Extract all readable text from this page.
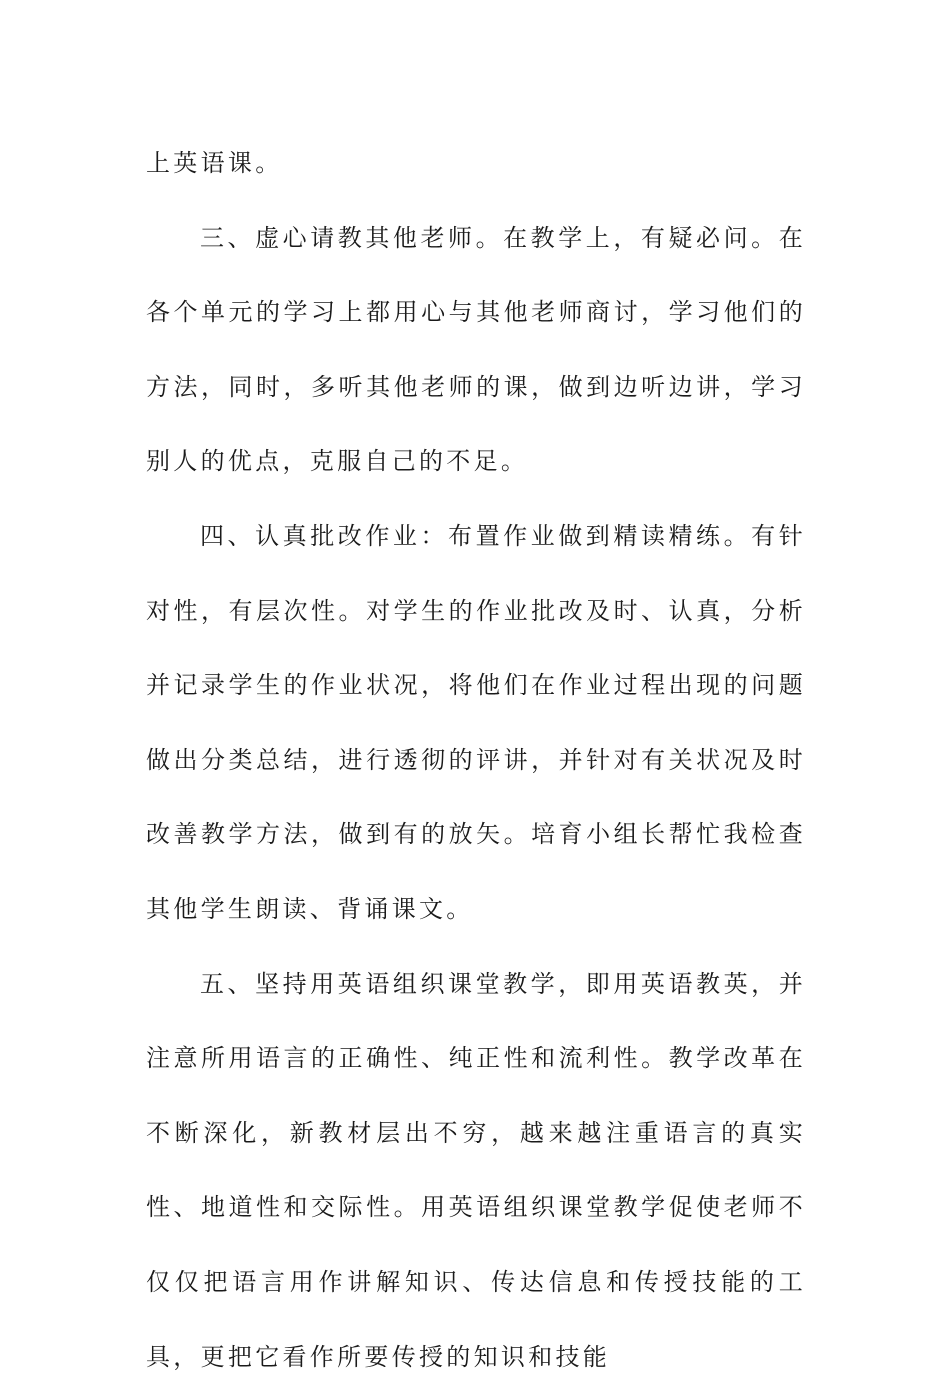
上英语课。

三、虚心请教其他老师。在教学上，有疑必问。在各个单元的学习上都用心与其他老师商讨，学习他们的方法，同时，多听其他老师的课，做到边听边讲，学习别人的优点，克服自己的不足。

四、认真批改作业：布置作业做到精读精练。有针对性，有层次性。对学生的作业批改及时、认真，分析并记录学生的作业状况，将他们在作业过程出现的问题做出分类总结，进行透彻的评讲，并针对有关状况及时改善教学方法，做到有的放矢。培育小组长帮忙我检查其他学生朗读、背诵课文。

五、坚持用英语组织课堂教学，即用英语教英，并注意所用语言的正确性、纯正性和流利性。教学改革在不断深化，新教材层出不穷，越来越注重语言的真实性、地道性和交际性。用英语组织课堂教学促使老师不仅仅把语言用作讲解知识、传达信息和传授技能的工具，更把它看作所要传授的知识和技能
